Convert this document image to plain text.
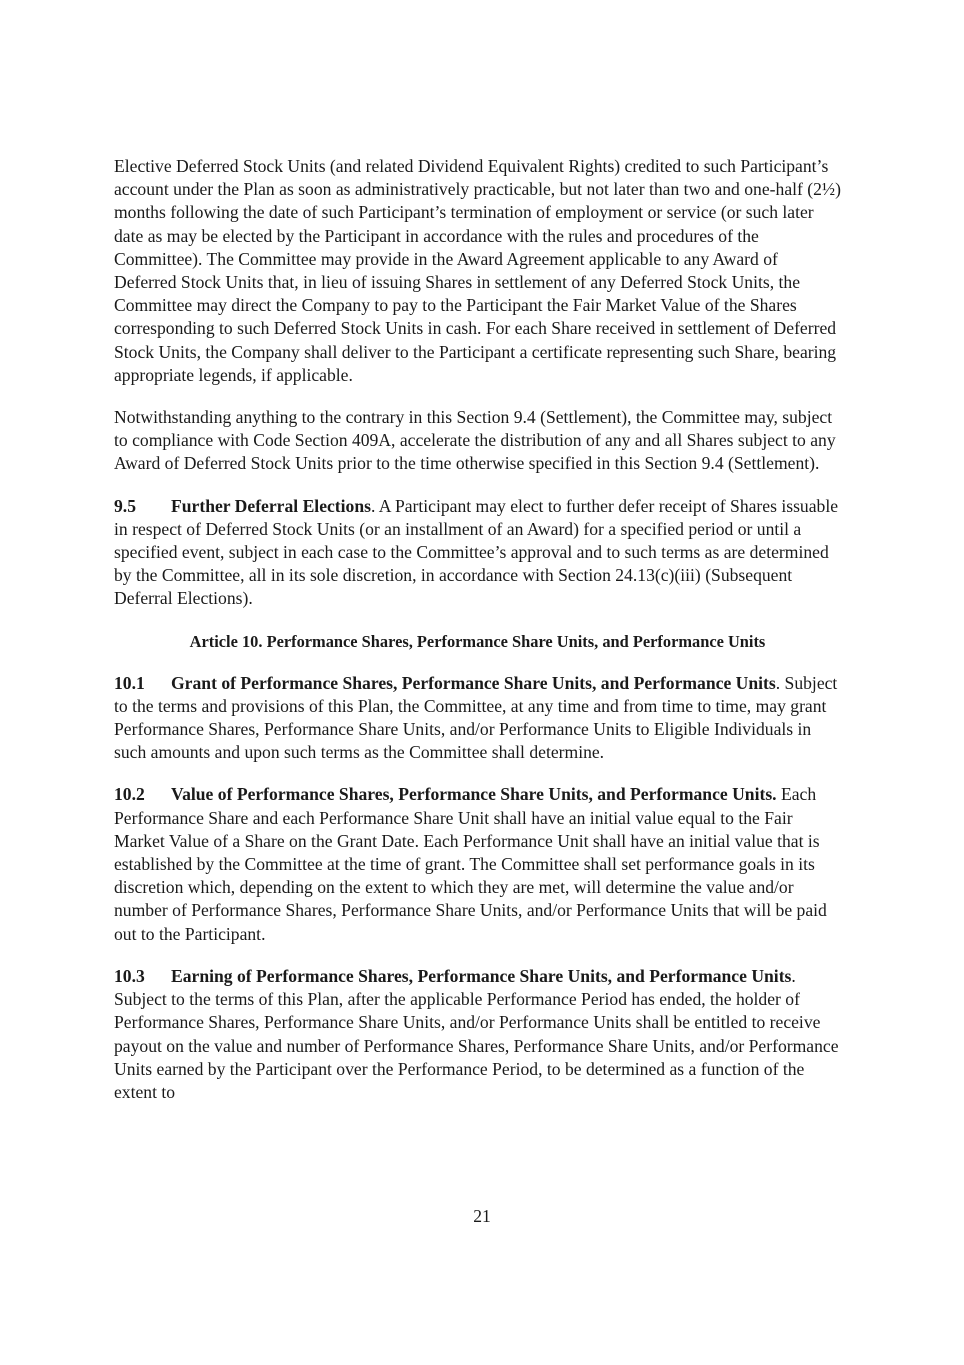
Elective Deferred Stock Units (and related Dividend Equivalent Rights) credited to such Participant’s account under the Plan as soon as administratively practicable, but not later than two and one-half (2½) months following the date of such Participant’s termination of employment or service (or such later date as may be elected by the Participant in accordance with the rules and procedures of the Committee). The Committee may provide in the Award Agreement applicable to any Award of Deferred Stock Units that, in lieu of issuing Shares in settlement of any Deferred Stock Units, the Committee may direct the Company to pay to the Participant the Fair Market Value of the Shares corresponding to such Deferred Stock Units in cash. For each Share received in settlement of Deferred Stock Units, the Company shall deliver to the Participant a certificate representing such Share, bearing appropriate legends, if applicable.

Notwithstanding anything to the contrary in this Section 9.4 (Settlement), the Committee may, subject to compliance with Code Section 409A, accelerate the distribution of any and all Shares subject to any Award of Deferred Stock Units prior to the time otherwise specified in this Section 9.4 (Settlement).

9.5 Further Deferral Elections. A Participant may elect to further defer receipt of Shares issuable in respect of Deferred Stock Units (or an installment of an Award) for a specified period or until a specified event, subject in each case to the Committee’s approval and to such terms as are determined by the Committee, all in its sole discretion, in accordance with Section 24.13(c)(iii) (Subsequent Deferral Elections).

Article 10. Performance Shares, Performance Share Units, and Performance Units

10.1 Grant of Performance Shares, Performance Share Units, and Performance Units. Subject to the terms and provisions of this Plan, the Committee, at any time and from time to time, may grant Performance Shares, Performance Share Units, and/or Performance Units to Eligible Individuals in such amounts and upon such terms as the Committee shall determine.

10.2 Value of Performance Shares, Performance Share Units, and Performance Units. Each Performance Share and each Performance Share Unit shall have an initial value equal to the Fair Market Value of a Share on the Grant Date. Each Performance Unit shall have an initial value that is established by the Committee at the time of grant. The Committee shall set performance goals in its discretion which, depending on the extent to which they are met, will determine the value and/or number of Performance Shares, Performance Share Units, and/or Performance Units that will be paid out to the Participant.

10.3 Earning of Performance Shares, Performance Share Units, and Performance Units. Subject to the terms of this Plan, after the applicable Performance Period has ended, the holder of Performance Shares, Performance Share Units, and/or Performance Units shall be entitled to receive payout on the value and number of Performance Shares, Performance Share Units, and/or Performance Units earned by the Participant over the Performance Period, to be determined as a function of the extent to

21
